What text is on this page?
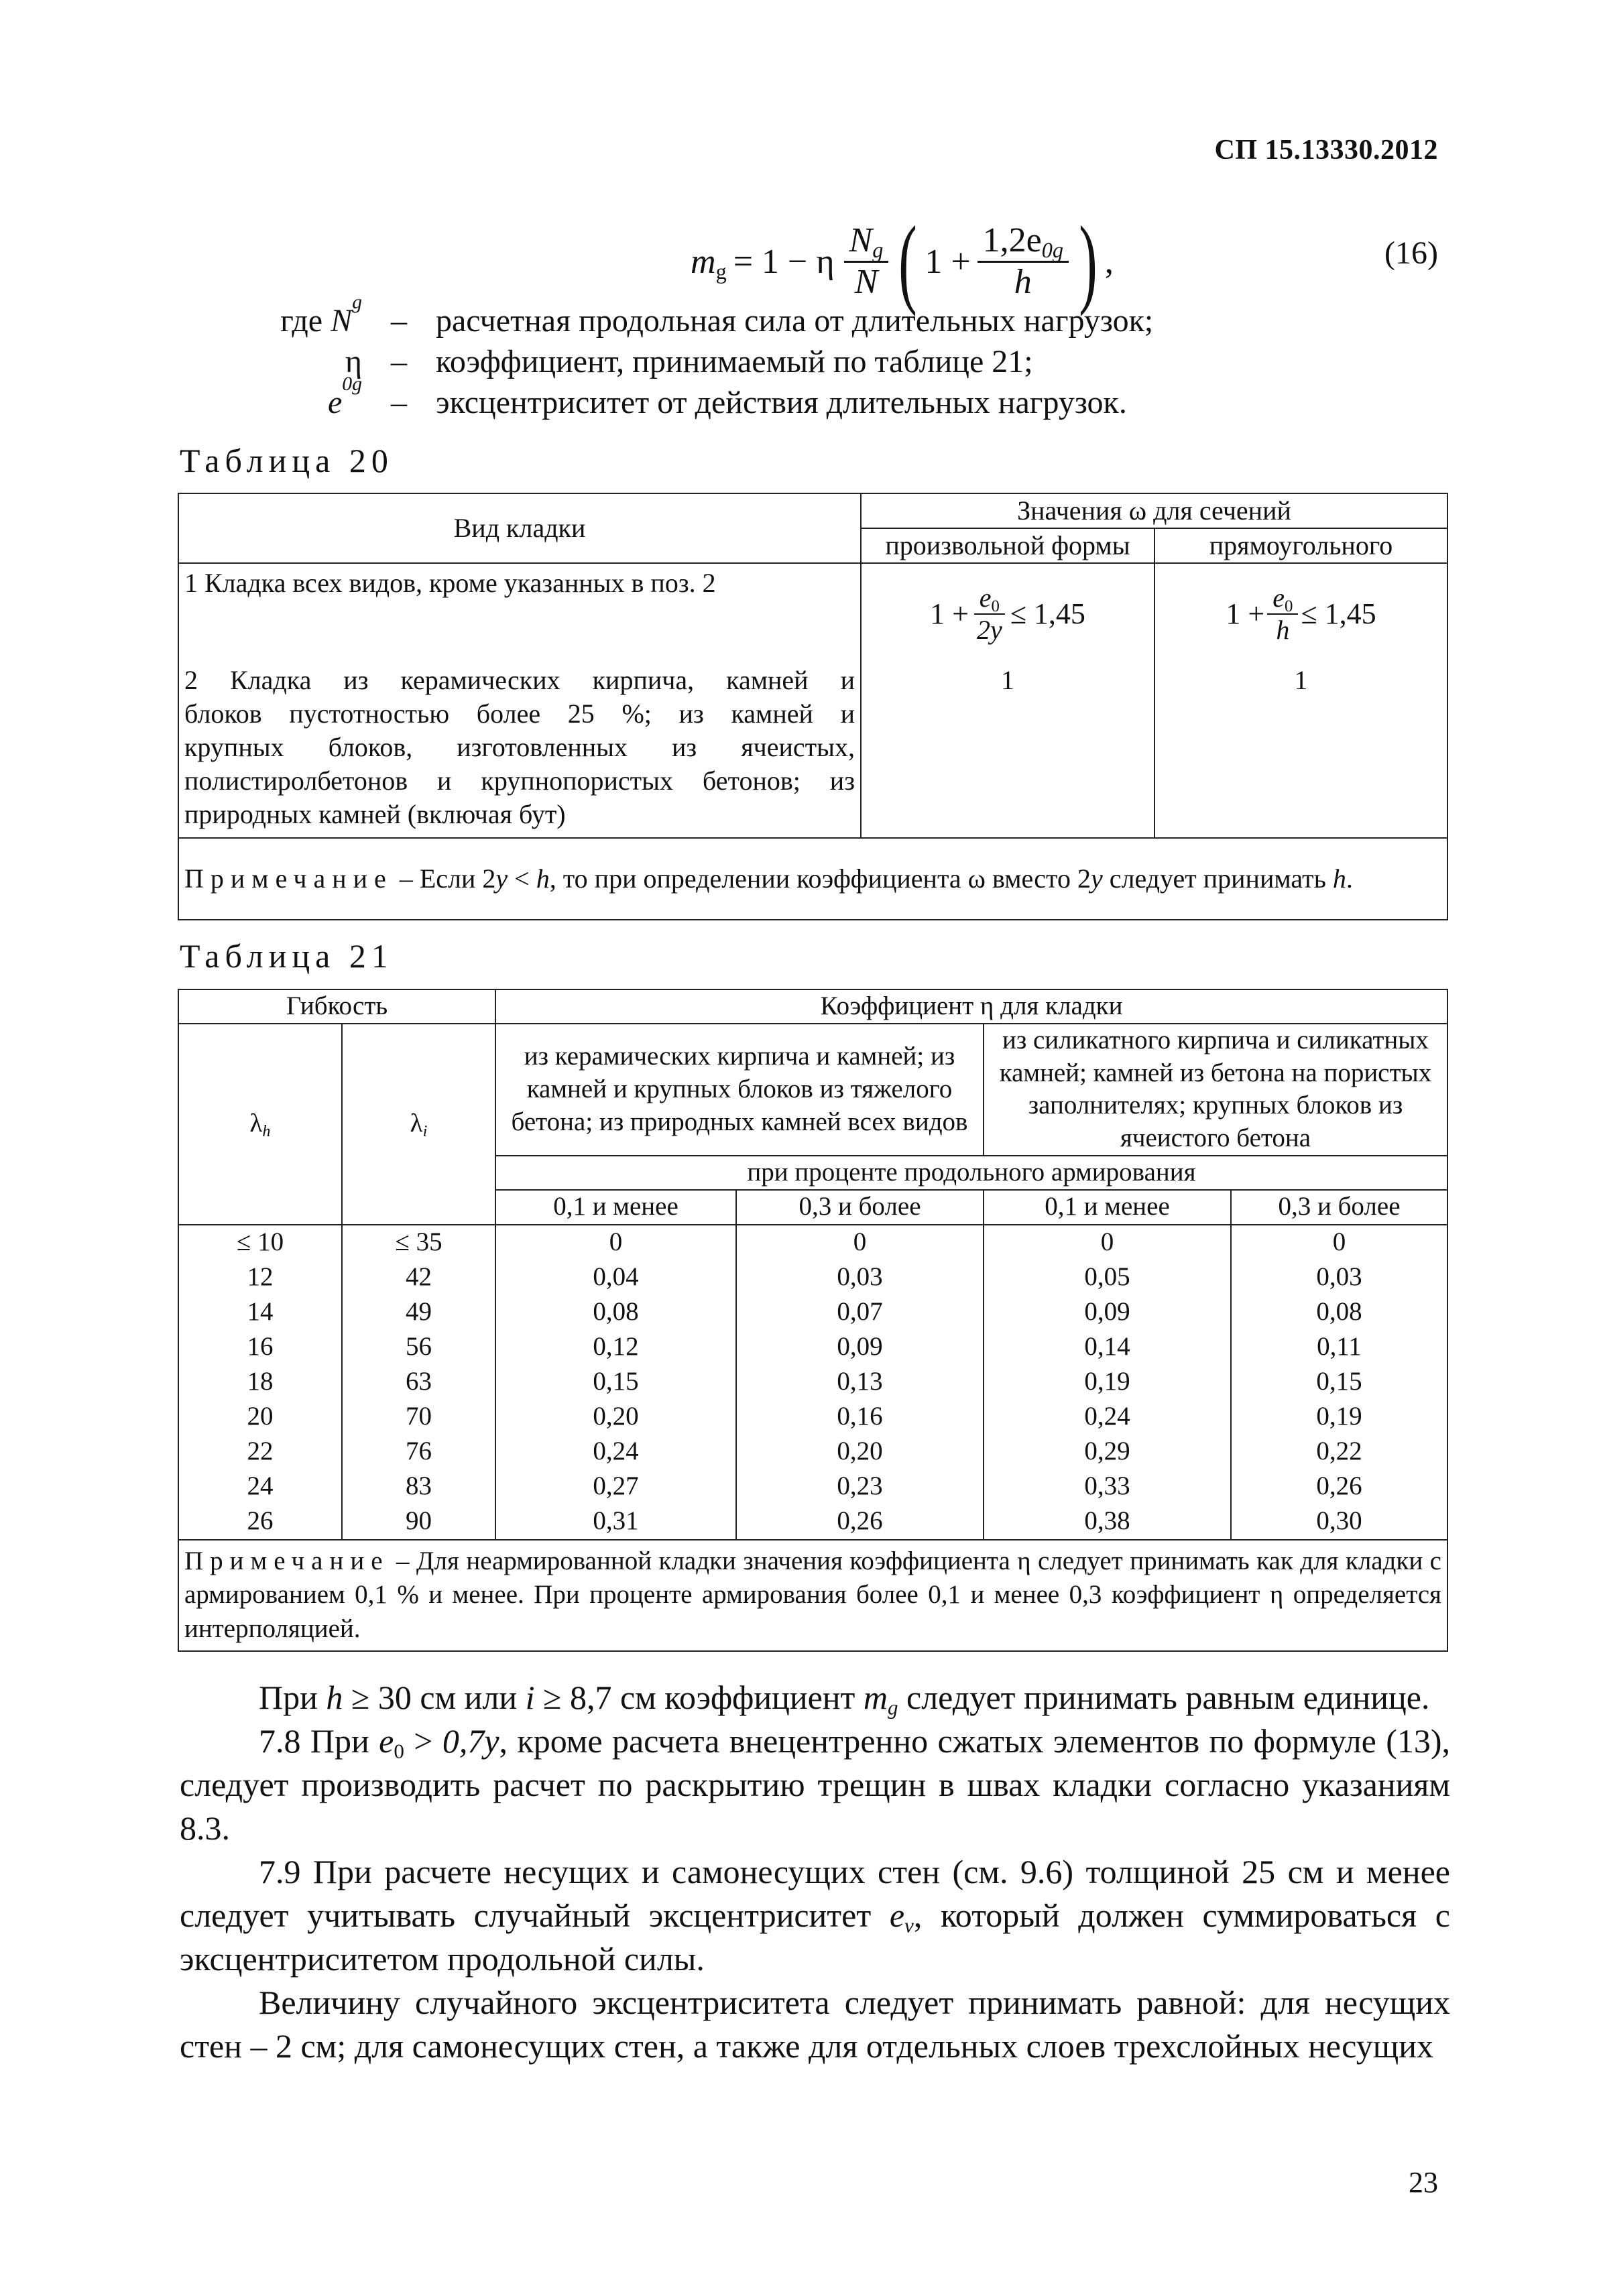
СП 15.13330.2012
$m_g = 1 - \eta \frac{N_g}{N}$ ( $1 + \frac{1,2e_{0g}}{h}$ ) ,	(16)
где
N
g
– расчетная продольная сила от длительных нагрузок;
η – коэффициент, принимаемый по таблице 21;
e
0g
– эксцентриситет от действия длительных нагрузок.
Таблица 20
Вид кладки	Значения ω для сечений	
	произвольной формы	прямоугольного
1 Кладка всех видов, кроме указанных в поз. 2	$1 + \frac{e_0}{2y} \le 1,45$	$1 + \frac{e_0}{h} \le 1,45$

2 Кладка из керамических кирпича, камней и
блоков пустотностью более 25 %; из камней и
крупных блоков, изготовленных из ячеистых,
полистиролбетонов и крупнопористых бетонов; из
природных камней (включая бут)	1	1
Примечание – Если 2y < h, то при определении коэффициента ω вместо 2y следует принимать h.		
Таблица 21
Гибкость		Коэффициент η для кладки			
$\lambda_h$	$\lambda_i$	из керамических кирпича и камней; из камней и крупных блоков из тяжелого бетона; из природных камней всех видов		из силикатного кирпича и силикатных камней; камней из бетона на пористых заполнителях; крупных блоков из ячеистого бетона	
		при проценте продольного армирования			
		0,1 и менее	0,3 и более	0,1 и менее	0,3 и более
≤ 10	≤ 35	0	0	0	0
12	42	0,04	0,03	0,05	0,03
14	49	0,08	0,07	0,09	0,08
16	56	0,12	0,09	0,14	0,11
18	63	0,15	0,13	0,19	0,15
20	70	0,20	0,16	0,24	0,19
22	76	0,24	0,20	0,29	0,22
24	83	0,27	0,23	0,33	0,26
26	90	0,31	0,26	0,38	0,30
Примечание – Для неармированной кладки значения коэффициента η следует принимать как для кладки с армированием 0,1 % и менее. При проценте армирования более 0,1 и менее 0,3 коэффициент η определяется интерполяцией.					

При h ≥ 30 см или i ≥ 8,7 см коэффициент $m_g$ следует принимать равным единице.

7.8 При $e_0 > 0,7y$, кроме расчета внецентренно сжатых элементов по формуле (13), следует производить расчет по раскрытию трещин в швах кладки согласно указаниям 8.3.

7.9 При расчете несущих и самонесущих стен (см. 9.6) толщиной 25 см и менее следует учитывать случайный эксцентриситет $e_v$, который должен суммироваться с эксцентриситетом продольной силы.

Величину случайного эксцентриситета следует принимать равной: для несущих стен – 2 см; для самонесущих стен, а также для отдельных слоев трехслойных несущих

23
